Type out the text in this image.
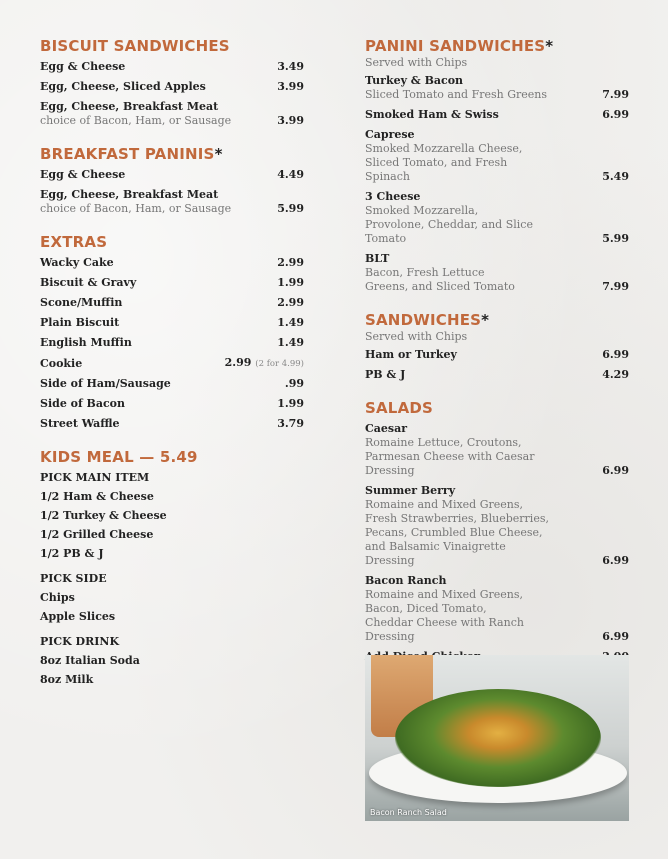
BISCUIT SANDWICHES
Egg & Cheese	3.49
Egg, Cheese, Sliced Apples	3.99
Egg, Cheese, Breakfast Meat
choice of Bacon, Ham, or Sausage	3.99
BREAKFAST PANINIS*
Egg & Cheese	4.49
Egg, Cheese, Breakfast Meat
choice of Bacon, Ham, or Sausage	5.99
EXTRAS
Wacky Cake	2.99
Biscuit & Gravy	1.99
Scone/Muffin	2.99
Plain Biscuit	1.49
English Muffin	1.49
Cookie	2.99 (2 for 4.99)
Side of Ham/Sausage	.99
Side of Bacon	1.99
Street Waffle	3.79
KIDS MEAL — 5.49
PICK MAIN ITEM
1/2 Ham & Cheese
1/2 Turkey & Cheese
1/2 Grilled Cheese
1/2 PB & J
PICK SIDE
Chips
Apple Slices
PICK DRINK
8oz Italian Soda
8oz Milk
PANINI SANDWICHES*
Served with Chips
Turkey & Bacon
Sliced Tomato and Fresh Greens	7.99
Smoked Ham & Swiss	6.99
Caprese
Smoked Mozzarella Cheese, Sliced Tomato, and Fresh Spinach	5.49
3 Cheese
Smoked Mozzarella, Provolone, Cheddar, and Slice Tomato	5.99
BLT
Bacon, Fresh Lettuce Greens, and Sliced Tomato	7.99
SANDWICHES*
Served with Chips
Ham or Turkey	6.99
PB & J	4.29
SALADS
Caesar
Romaine Lettuce, Croutons, Parmesan Cheese with Caesar Dressing	6.99
Summer Berry
Romaine and Mixed Greens, Fresh Strawberries, Blueberries, Pecans, Crumbled Blue Cheese, and Balsamic Vinaigrette Dressing	6.99
Bacon Ranch
Romaine and Mixed Greens, Bacon, Diced Tomato, Cheddar Cheese with Ranch Dressing	6.99
Bacon Ranch Salad
